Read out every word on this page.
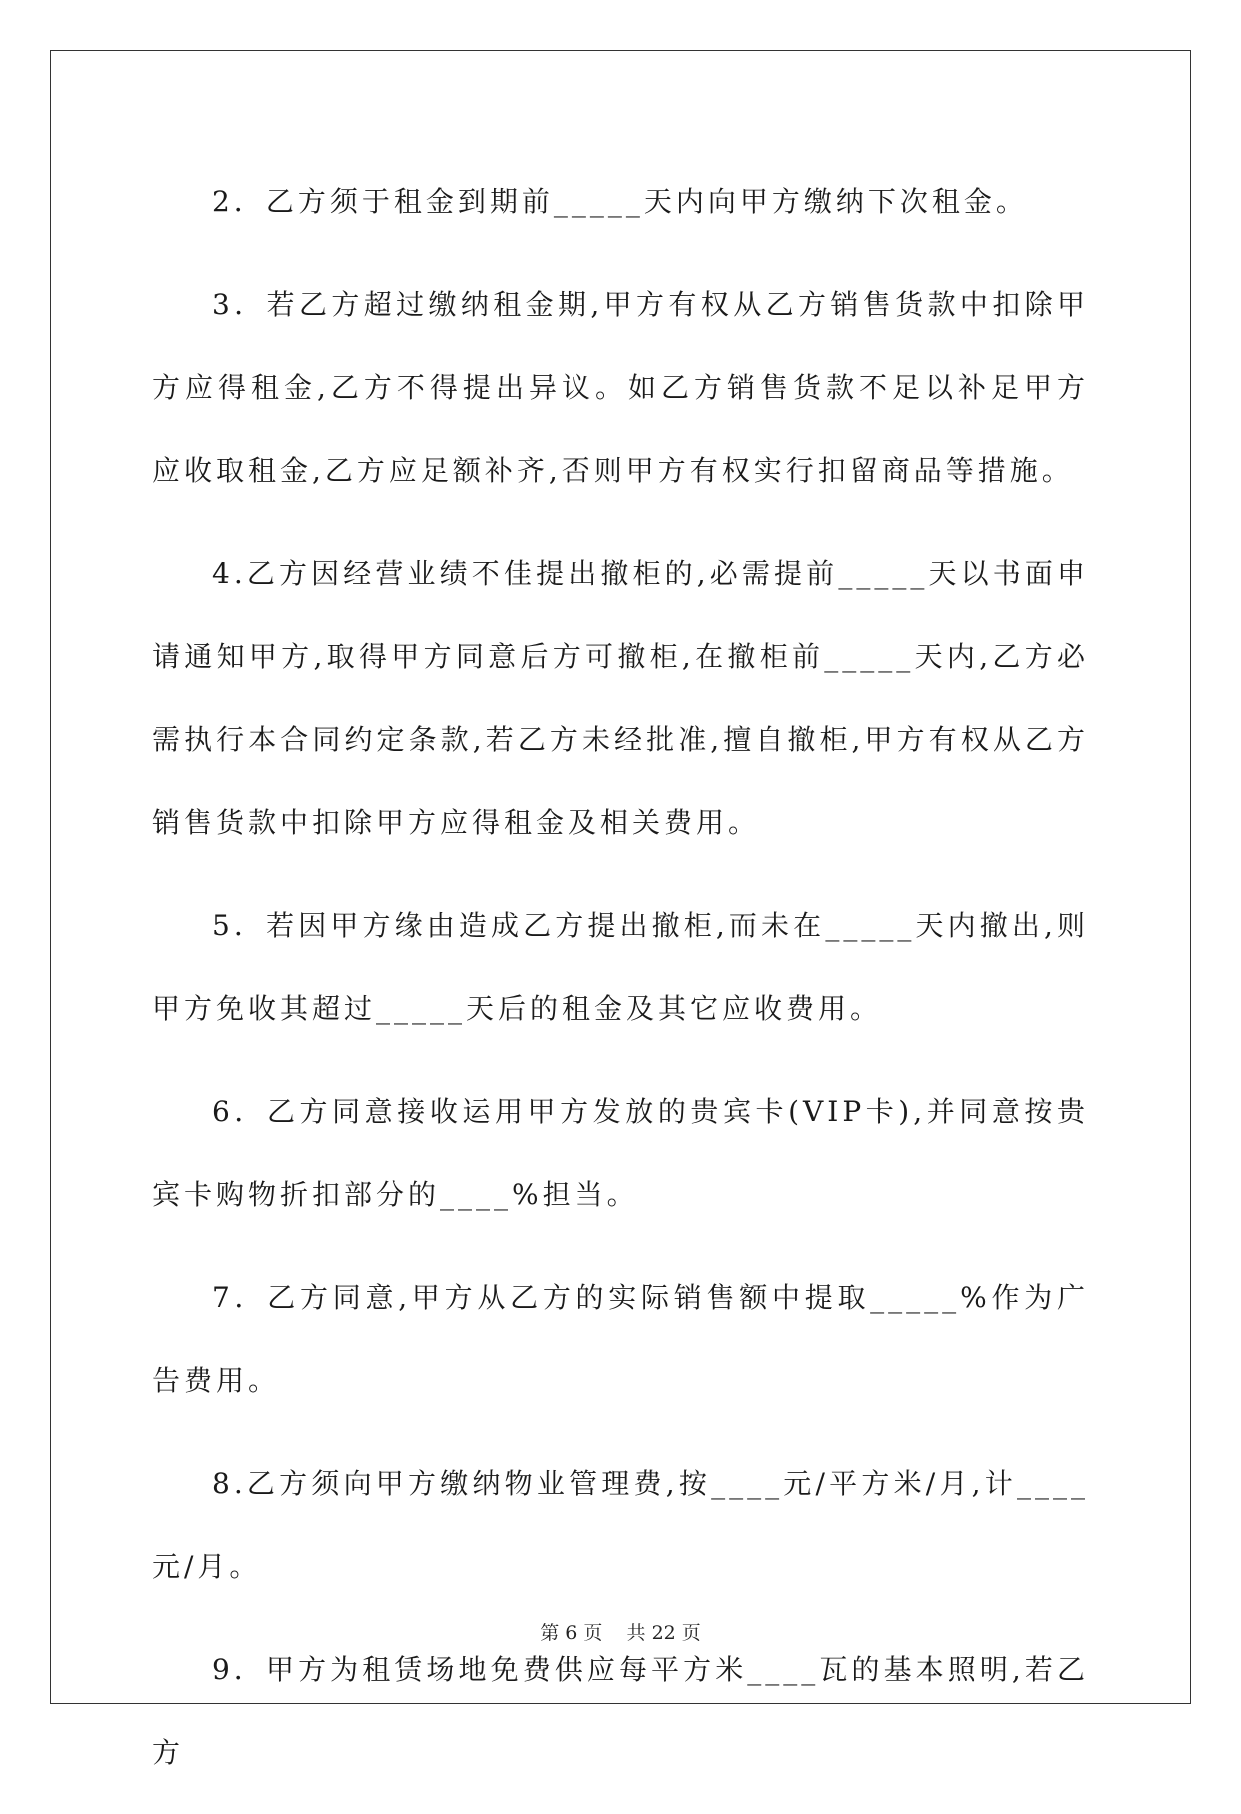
2．乙方须于租金到期前_____天内向甲方缴纳下次租金。

3．若乙方超过缴纳租金期,甲方有权从乙方销售货款中扣除甲方应得租金,乙方不得提出异议。如乙方销售货款不足以补足甲方应收取租金,乙方应足额补齐,否则甲方有权实行扣留商品等措施。

4.乙方因经营业绩不佳提出撤柜的,必需提前_____天以书面申请通知甲方,取得甲方同意后方可撤柜,在撤柜前_____天内,乙方必需执行本合同约定条款,若乙方未经批准,擅自撤柜,甲方有权从乙方销售货款中扣除甲方应得租金及相关费用。

5．若因甲方缘由造成乙方提出撤柜,而未在_____天内撤出,则甲方免收其超过_____天后的租金及其它应收费用。

6．乙方同意接收运用甲方发放的贵宾卡(VIP卡),并同意按贵宾卡购物折扣部分的____%担当。

7．乙方同意,甲方从乙方的实际销售额中提取_____%作为广告费用。

8.乙方须向甲方缴纳物业管理费,按____元/平方米/月,计____元/月。

9．甲方为租赁场地免费供应每平方米____瓦的基本照明,若乙方

第 6 页 共 22 页
